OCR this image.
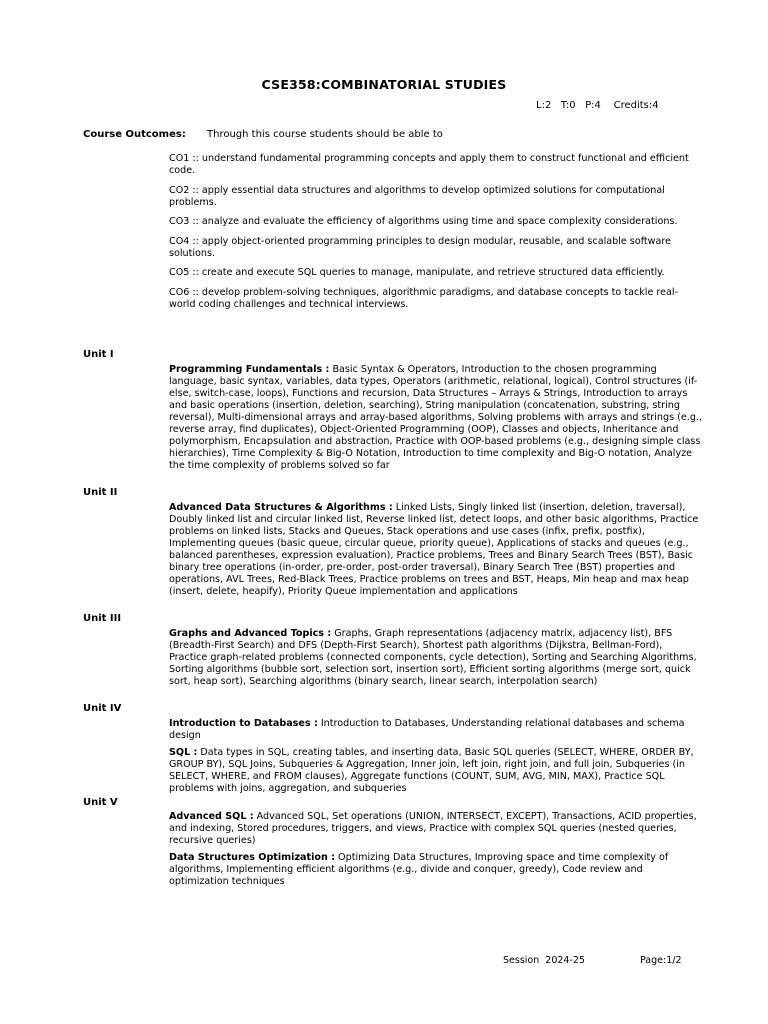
CSE358:COMBINATORIAL STUDIES
L:2   T:0   P:4    Credits:4
Course Outcomes: Through this course students should be able to
CO1 :: understand fundamental programming concepts and apply them to construct functional and efficient code.
CO2 :: apply essential data structures and algorithms to develop optimized solutions for computational problems.
CO3 :: analyze and evaluate the efficiency of algorithms using time and space complexity considerations.
CO4 :: apply object-oriented programming principles to design modular, reusable, and scalable software solutions.
CO5 :: create and execute SQL queries to manage, manipulate, and retrieve structured data efficiently.
CO6 :: develop problem-solving techniques, algorithmic paradigms, and database concepts to tackle real-world coding challenges and technical interviews.
Unit I

Programming Fundamentals : Basic Syntax & Operators, Introduction to the chosen programming language, basic syntax, variables, data types, Operators (arithmetic, relational, logical), Control structures (if-else, switch-case, loops), Functions and recursion, Data Structures – Arrays & Strings, Introduction to arrays and basic operations (insertion, deletion, searching), String manipulation (concatenation, substring, string reversal), Multi-dimensional arrays and array-based algorithms, Solving problems with arrays and strings (e.g., reverse array, find duplicates), Object-Oriented Programming (OOP), Classes and objects, Inheritance and polymorphism, Encapsulation and abstraction, Practice with OOP-based problems (e.g., designing simple class hierarchies), Time Complexity & Big-O Notation, Introduction to time complexity and Big-O notation, Analyze the time complexity of problems solved so far

Unit II

Advanced Data Structures & Algorithms : Linked Lists, Singly linked list (insertion, deletion, traversal), Doubly linked list and circular linked list, Reverse linked list, detect loops, and other basic algorithms, Practice problems on linked lists, Stacks and Queues, Stack operations and use cases (infix, prefix, postfix), Implementing queues (basic queue, circular queue, priority queue), Applications of stacks and queues (e.g., balanced parentheses, expression evaluation), Practice problems, Trees and Binary Search Trees (BST), Basic binary tree operations (in-order, pre-order, post-order traversal), Binary Search Tree (BST) properties and operations, AVL Trees, Red-Black Trees, Practice problems on trees and BST, Heaps, Min heap and max heap (insert, delete, heapify), Priority Queue implementation and applications

Unit III

Graphs and Advanced Topics : Graphs, Graph representations (adjacency matrix, adjacency list), BFS (Breadth-First Search) and DFS (Depth-First Search), Shortest path algorithms (Dijkstra, Bellman-Ford), Practice graph-related problems (connected components, cycle detection), Sorting and Searching Algorithms, Sorting algorithms (bubble sort, selection sort, insertion sort), Efficient sorting algorithms (merge sort, quick sort, heap sort), Searching algorithms (binary search, linear search, interpolation search)

Unit IV

Introduction to Databases : Introduction to Databases, Understanding relational databases and schema design

SQL : Data types in SQL, creating tables, and inserting data, Basic SQL queries (SELECT, WHERE, ORDER BY, GROUP BY), SQL Joins, Subqueries & Aggregation, Inner join, left join, right join, and full join, Subqueries (in SELECT, WHERE, and FROM clauses), Aggregate functions (COUNT, SUM, AVG, MIN, MAX), Practice SQL problems with joins, aggregation, and subqueries

Unit V

Advanced SQL : Advanced SQL, Set operations (UNION, INTERSECT, EXCEPT), Transactions, ACID properties, and indexing, Stored procedures, triggers, and views, Practice with complex SQL queries (nested queries, recursive queries)

Data Structures Optimization : Optimizing Data Structures, Improving space and time complexity of algorithms, Implementing efficient algorithms (e.g., divide and conquer, greedy), Code review and optimization techniques

Session  2024-25	Page:1/2
